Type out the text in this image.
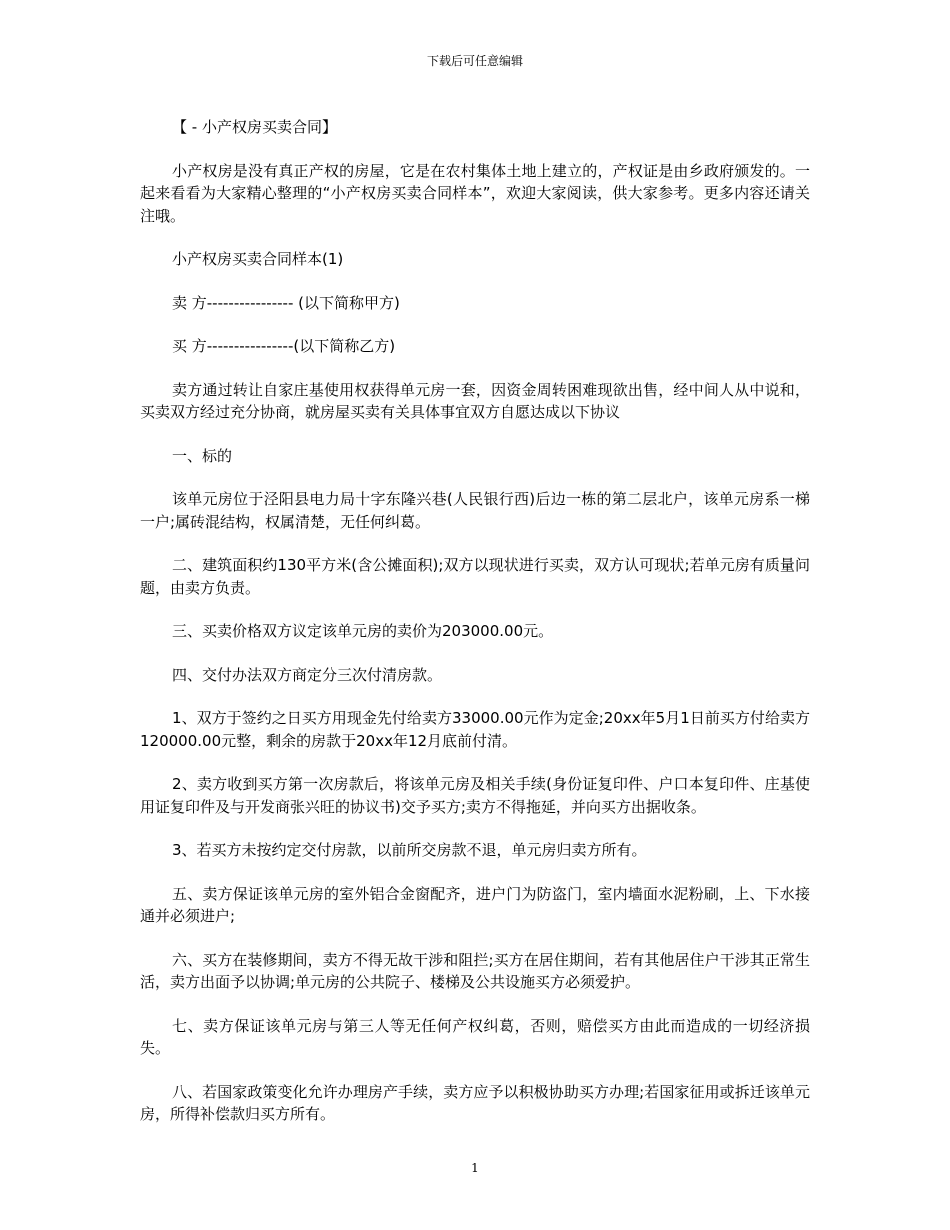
下载后可任意编辑

【 - 小产权房买卖合同】

小产权房是没有真正产权的房屋，它是在农村集体土地上建立的，产权证是由乡政府颁发的。一起来看看为大家精心整理的“小产权房买卖合同样本”，欢迎大家阅读，供大家参考。更多内容还请关注哦。

小产权房买卖合同样本(1)

卖 方---------------- (以下简称甲方)

买 方----------------(以下简称乙方)

卖方通过转让自家庄基使用权获得单元房一套，因资金周转困难现欲出售，经中间人从中说和，买卖双方经过充分协商，就房屋买卖有关具体事宜双方自愿达成以下协议

一、标的

该单元房位于泾阳县电力局十字东隆兴巷(人民银行西)后边一栋的第二层北户，该单元房系一梯一户;属砖混结构，权属清楚，无任何纠葛。

二、建筑面积约130平方米(含公摊面积);双方以现状进行买卖，双方认可现状;若单元房有质量问题，由卖方负责。

三、买卖价格双方议定该单元房的卖价为203000.00元。

四、交付办法双方商定分三次付清房款。

1、双方于签约之日买方用现金先付给卖方33000.00元作为定金;20xx年5月1日前买方付给卖方120000.00元整，剩余的房款于20xx年12月底前付清。

2、卖方收到买方第一次房款后，将该单元房及相关手续(身份证复印件、户口本复印件、庄基使用证复印件及与开发商张兴旺的协议书)交予买方;卖方不得拖延，并向买方出据收条。

3、若买方未按约定交付房款，以前所交房款不退，单元房归卖方所有。

五、卖方保证该单元房的室外铝合金窗配齐，进户门为防盗门，室内墙面水泥粉刷，上、下水接通并必须进户;

六、买方在装修期间，卖方不得无故干涉和阻拦;买方在居住期间，若有其他居住户干涉其正常生活，卖方出面予以协调;单元房的公共院子、楼梯及公共设施买方必须爱护。

七、卖方保证该单元房与第三人等无任何产权纠葛，否则，赔偿买方由此而造成的一切经济损失。

八、若国家政策变化允许办理房产手续，卖方应予以积极协助买方办理;若国家征用或拆迁该单元房，所得补偿款归买方所有。

1
